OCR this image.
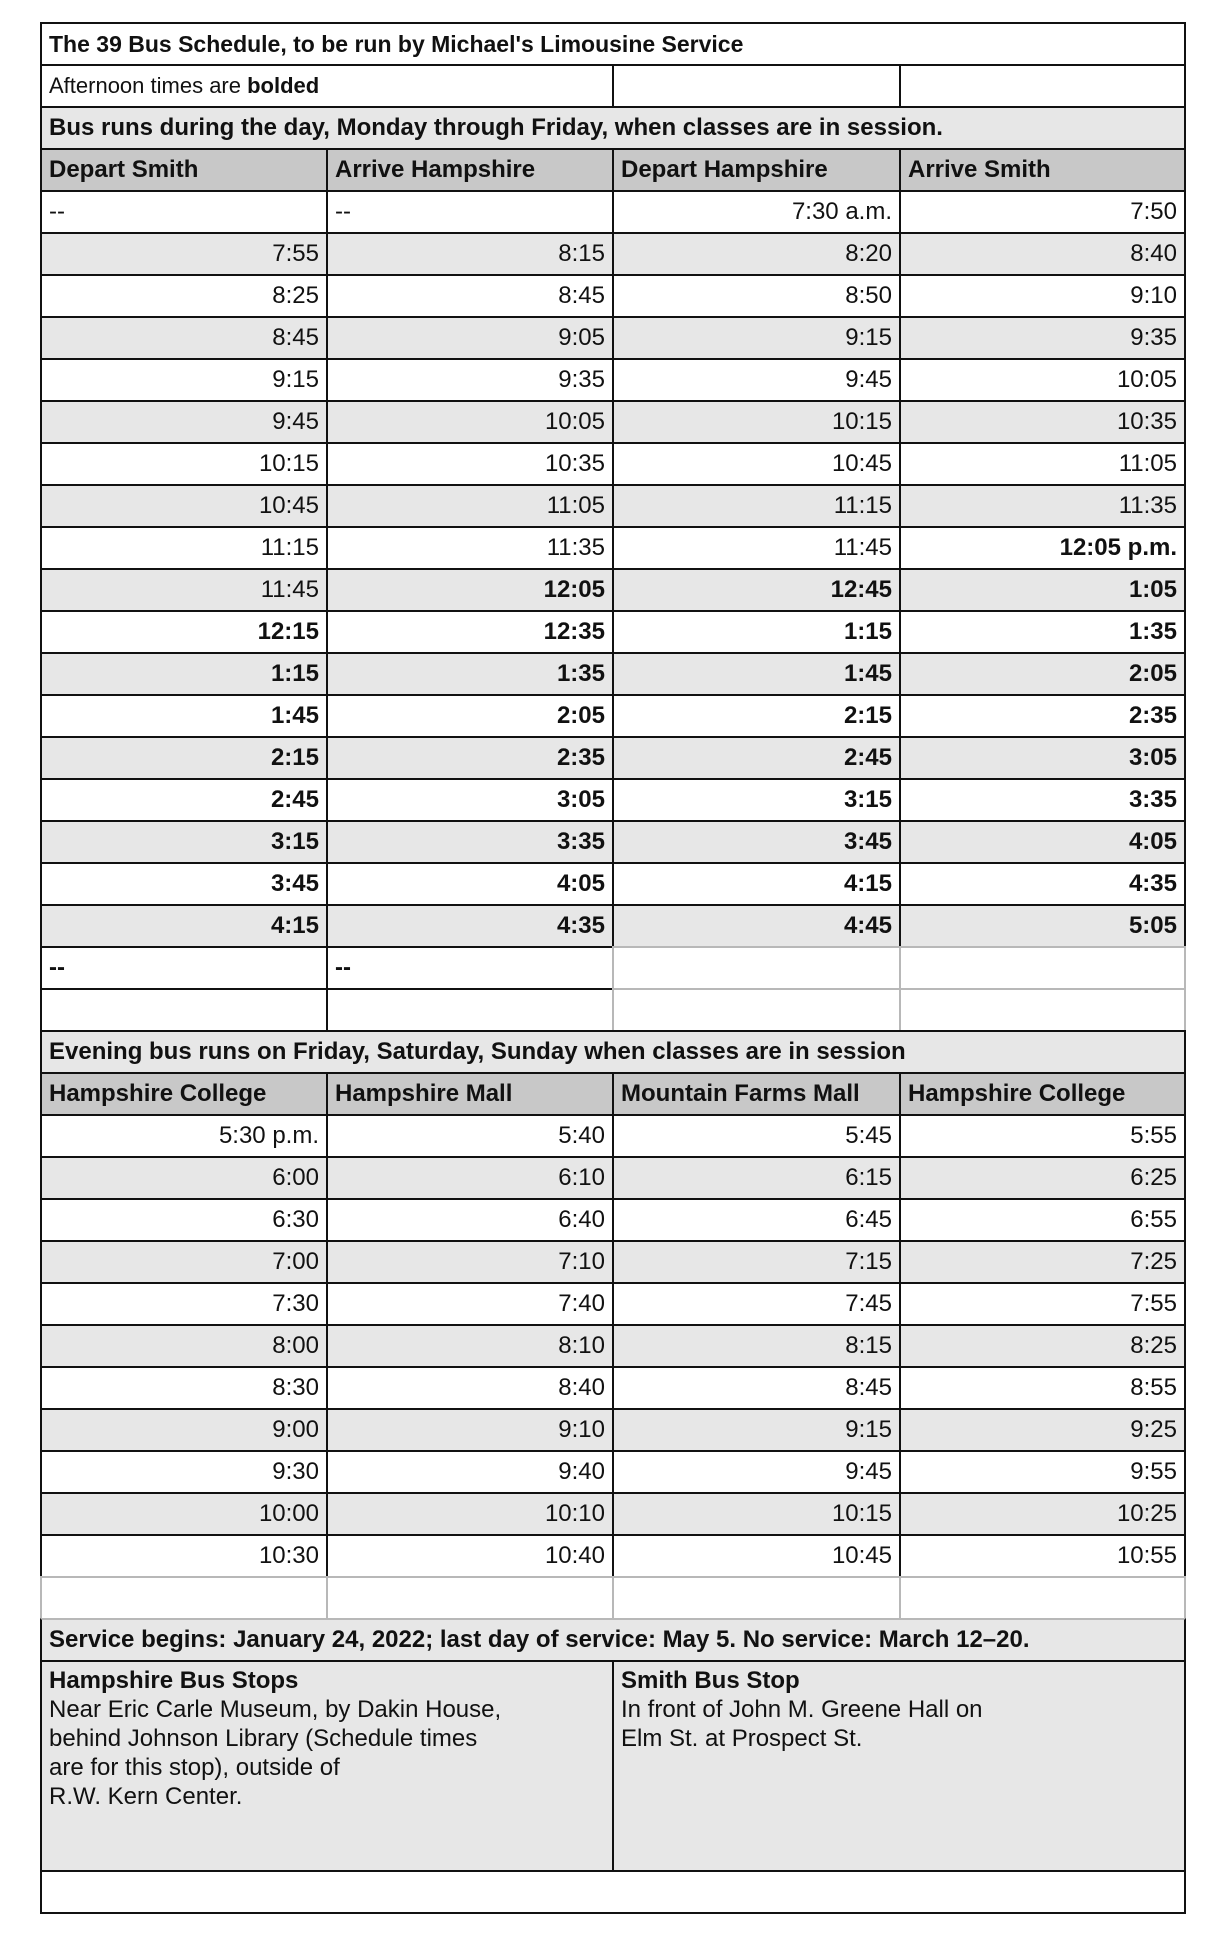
The 39 Bus Schedule, to be run by Michael's Limousine Service
Afternoon times are bolded
Bus runs during the day, Monday through Friday, when classes are in session.
Depart Smith	Arrive Hampshire	Depart Hampshire	Arrive Smith
--	--	7:30 a.m.	7:50
7:55	8:15	8:20	8:40
8:25	8:45	8:50	9:10
8:45	9:05	9:15	9:35
9:15	9:35	9:45	10:05
9:45	10:05	10:15	10:35
10:15	10:35	10:45	11:05
10:45	11:05	11:15	11:35
11:15	11:35	11:45	12:05 p.m.
11:45	12:05	12:45	1:05
12:15	12:35	1:15	1:35
1:15	1:35	1:45	2:05
1:45	2:05	2:15	2:35
2:15	2:35	2:45	3:05
2:45	3:05	3:15	3:35
3:15	3:35	3:45	4:05
3:45	4:05	4:15	4:35
4:15	4:35	4:45	5:05
--	--
Evening bus runs on Friday, Saturday, Sunday when classes are in session
Hampshire College	Hampshire Mall	Mountain Farms Mall	Hampshire College
5:30 p.m.	5:40	5:45	5:55
6:00	6:10	6:15	6:25
6:30	6:40	6:45	6:55
7:00	7:10	7:15	7:25
7:30	7:40	7:45	7:55
8:00	8:10	8:15	8:25
8:30	8:40	8:45	8:55
9:00	9:10	9:15	9:25
9:30	9:40	9:45	9:55
10:00	10:10	10:15	10:25
10:30	10:40	10:45	10:55
Service begins: January 24, 2022; last day of service: May 5. No service: March 12–20.
Hampshire Bus Stops
Near Eric Carle Museum, by Dakin House,
behind Johnson Library (Schedule times
are for this stop), outside of
R.W. Kern Center.
Smith Bus Stop
In front of John M. Greene Hall on
Elm St. at Prospect St.
